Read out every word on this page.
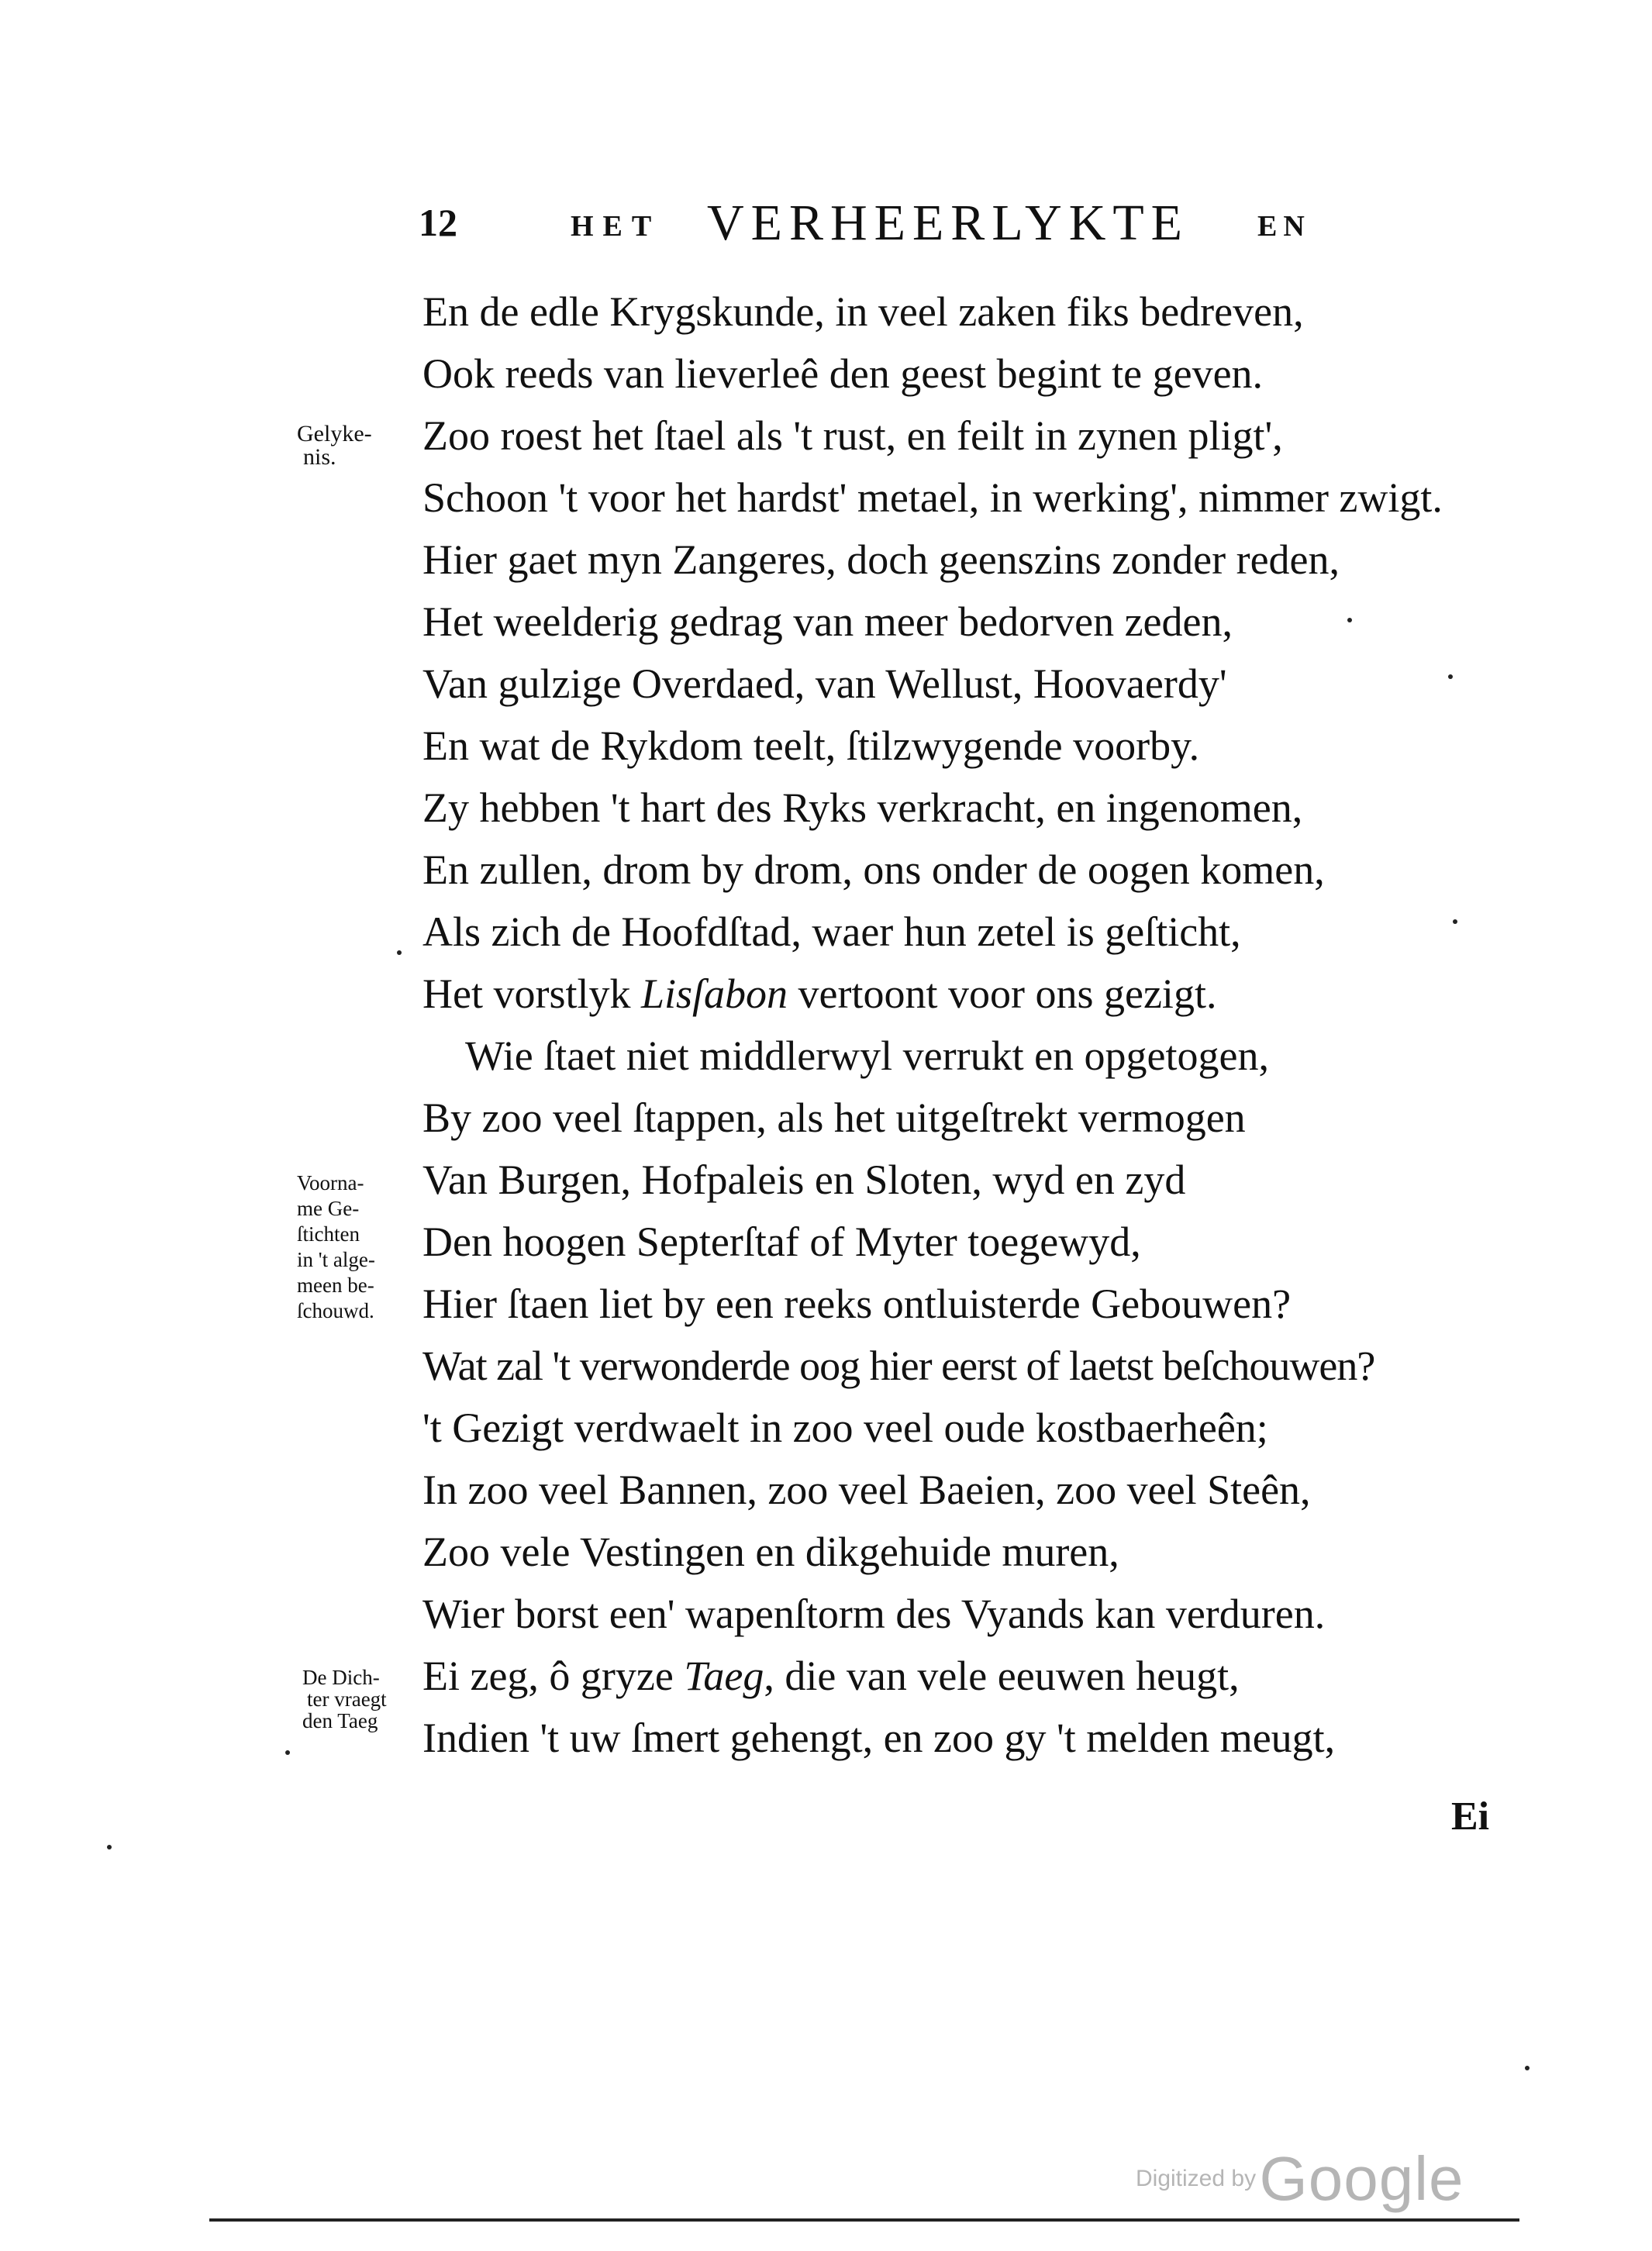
12	HET VERHEERLYKTE EN
Gelyke-
nis.
Voorna-
me Ge-
ſtichten
in 't alge-
meen be-
ſchouwd.
De Dich-
ter vraegt
den Taeg
En de edle Krygskunde, in veel zaken fiks bedreven,
Ook reeds van lieverleê den geest begint te geven.
Zoo roest het ſtael als 't rust, en feilt in zynen pligt',
Schoon 't voor het hardst' metael, in werking', nimmer zwigt.
Hier gaet myn Zangeres, doch geenszins zonder reden,
Het weelderig gedrag van meer bedorven zeden,
Van gulzige Overdaed, van Wellust, Hoovaerdy'
En wat de Rykdom teelt, ſtilzwygende voorby.
Zy hebben 't hart des Ryks verkracht, en ingenomen,
En zullen, drom by drom, ons onder de oogen komen,
Als zich de Hoofdſtad, waer hun zetel is geſticht,
Het vorstlyk Lisſabon vertoont voor ons gezigt.
Wie ſtaet niet middlerwyl verrukt en opgetogen,
By zoo veel ſtappen, als het uitgeſtrekt vermogen
Van Burgen, Hofpaleis en Sloten, wyd en zyd
Den hoogen Septerſtaf of Myter toegewyd,
Hier ſtaen liet by een reeks ontluisterde Gebouwen?
Wat zal 't verwonderde oog hier eerst of laetst beſchouwen?
't Gezigt verdwaelt in zoo veel oude kostbaerheên;
In zoo veel Bannen, zoo veel Baeien, zoo veel Steên,
Zoo vele Vestingen en dikgehuide muren,
Wier borst een' wapenſtorm des Vyands kan verduren.
Ei zeg, ô gryze Taeg, die van vele eeuwen heugt,
Indien 't uw ſmert gehengt, en zoo gy 't melden meugt,
Ei
Digitized by Google
